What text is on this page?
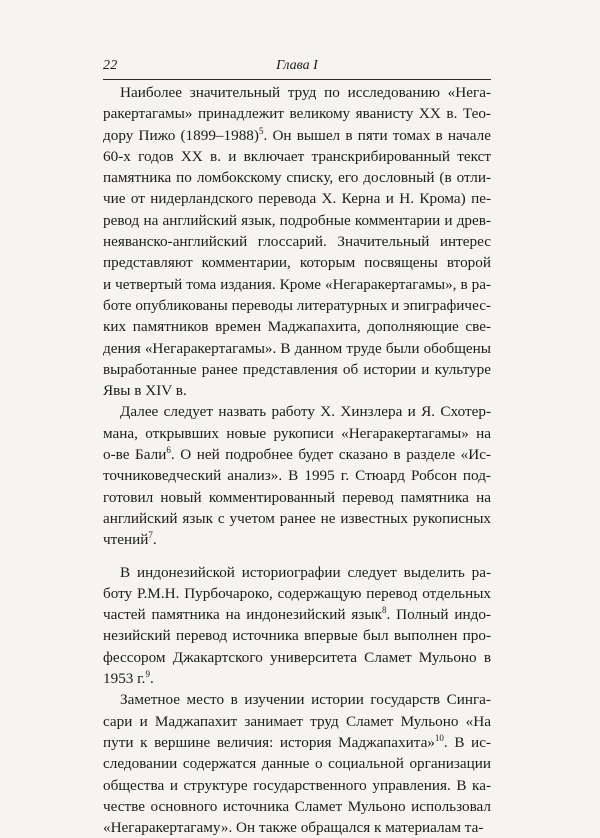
22	Глава I
Наиболее значительный труд по исследованию «Нега-
ракертагамы» принадлежит великому яванисту XX в. Тео-
дору Пижо (1899–1988)$^5$. Он вышел в пяти томах в начале
60-х годов XX в. и включает транскрибированный текст
памятника по ломбокскому списку, его дословный (в отли-
чие от нидерландского перевода Х. Керна и Н. Крома) пе-
ревод на английский язык, подробные комментарии и древ-
неяванско-английский глоссарий. Значительный интерес
представляют комментарии, которым посвящены второй
и четвертый тома издания. Кроме «Негаракертагамы», в ра-
боте опубликованы переводы литературных и эпиграфичес-
ких памятников времен Маджапахита, дополняющие све-
дения «Негаракертагамы». В данном труде были обобщены
выработанные ранее представления об истории и культуре
Явы в XIV в.
Далее следует назвать работу Х. Хинзлера и Я. Схотер-
мана, открывших новые рукописи «Негаракертагамы» на
о-ве Бали$^6$. О ней подробнее будет сказано в разделе «Ис-
точниковедческий анализ». В 1995 г. Стюард Робсон под-
готовил новый комментированный перевод памятника на
английский язык с учетом ранее не известных рукописных
чтений$^7$.
В индонезийской историографии следует выделить ра-
боту Р.М.Н. Пурбочароко, содержащую перевод отдельных
частей памятника на индонезийский язык$^8$. Полный индо-
незийский перевод источника впервые был выполнен про-
фессором Джакартского университета Сламет Мульоно в
1953 г.$^9$.
Заметное место в изучении истории государств Синга-
сари и Маджапахит занимает труд Сламет Мульоно «На
пути к вершине величия: история Маджапахита»$^{10}$. В ис-
следовании содержатся данные о социальной организации
общества и структуре государственного управления. В ка-
честве основного источника Сламет Мульоно использовал
«Негаракертагаму». Он также обращался к материалам та-
